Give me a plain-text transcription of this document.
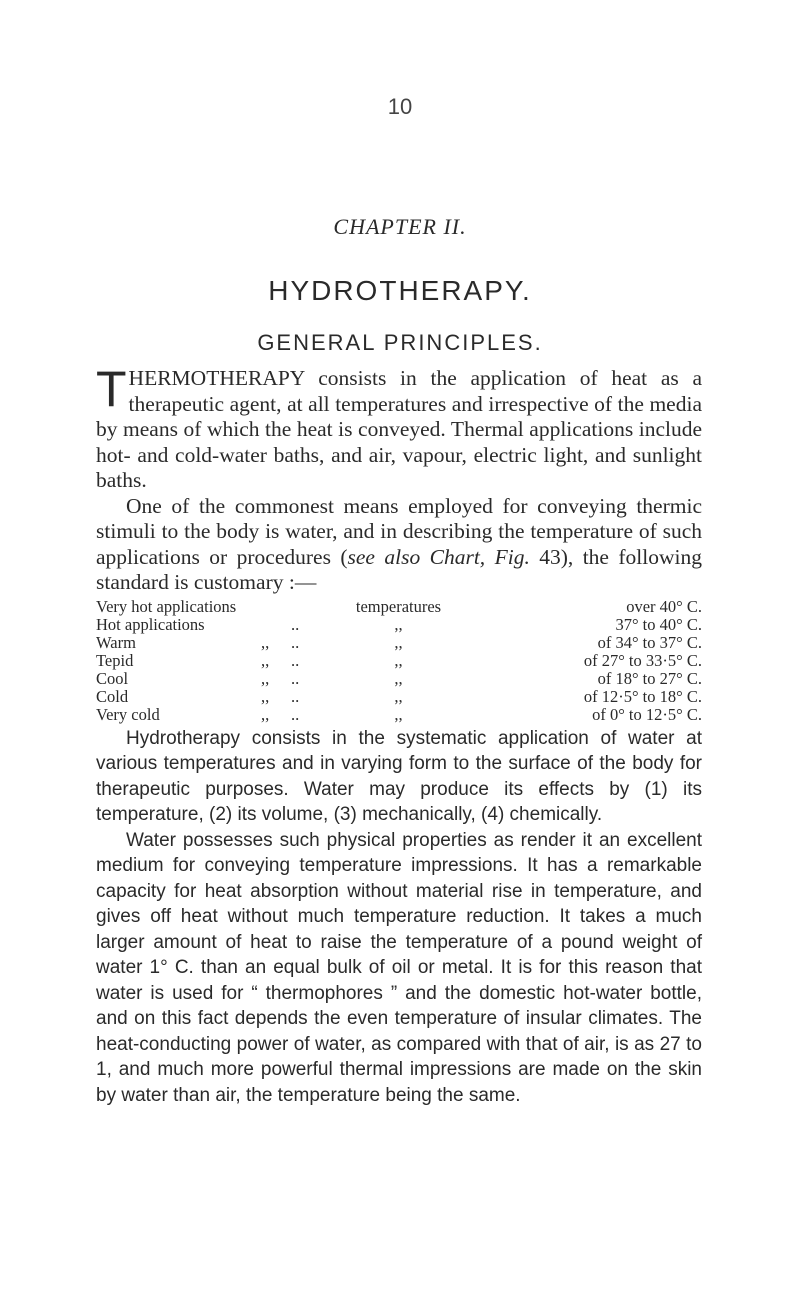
10
CHAPTER II.
HYDROTHERAPY.
GENERAL PRINCIPLES.

THERMOTHERAPY consists in the application of heat as a therapeutic agent, at all temperatures and irrespective of the media by means of which the heat is conveyed. Thermal applications include hot- and cold-water baths, and air, vapour, electric light, and sunlight baths.

One of the commonest means employed for conveying thermic stimuli to the body is water, and in describing the temperature of such applications or procedures (see also Chart, Fig. 43), the following standard is customary :—

Very hot applications			temperatures	over 40° C.
Hot applications		..	,,	37° to 40° C.
Warm	,,	..	,,	of 34° to 37° C.
Tepid	,,	..	,,	of 27° to 33·5° C.
Cool	,,	..	,,	of 18° to 27° C.
Cold	,,	..	,,	of 12·5° to 18° C.
Very cold	,,	..	,,	of 0° to 12·5° C.

Hydrotherapy consists in the systematic application of water at various temperatures and in varying form to the surface of the body for therapeutic purposes. Water may produce its effects by (1) its temperature, (2) its volume, (3) mechanically, (4) chemically.

Water possesses such physical properties as render it an excellent medium for conveying temperature impressions. It has a remarkable capacity for heat absorption without material rise in temperature, and gives off heat without much temperature reduction. It takes a much larger amount of heat to raise the temperature of a pound weight of water 1° C. than an equal bulk of oil or metal. It is for this reason that water is used for “ thermophores ” and the domestic hot-water bottle, and on this fact depends the even temperature of insular climates. The heat-conducting power of water, as compared with that of air, is as 27 to 1, and much more powerful thermal impressions are made on the skin by water than air, the temperature being the same.
